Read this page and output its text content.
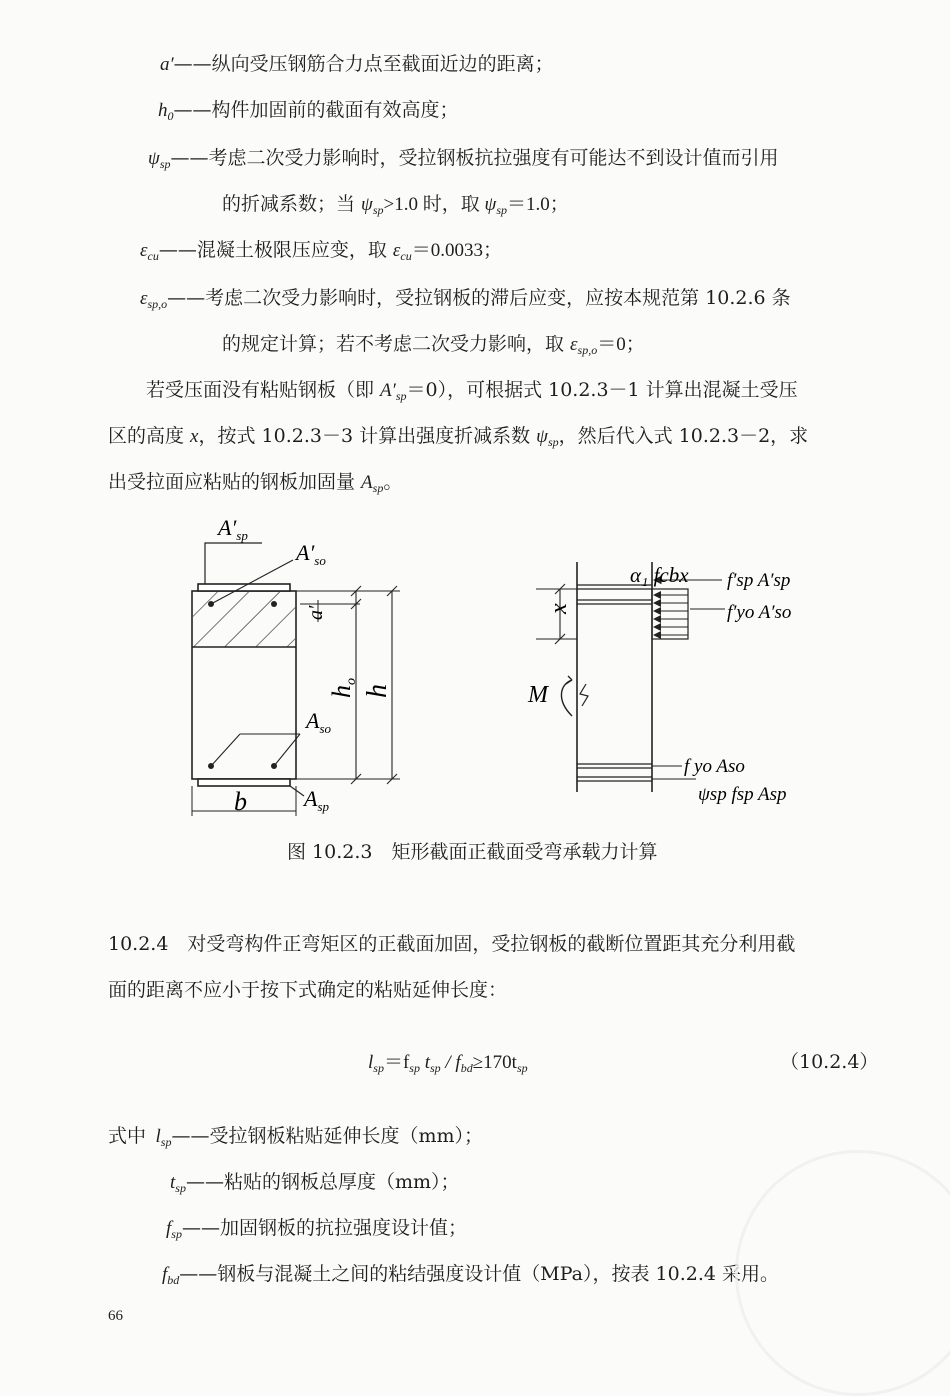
a′——纵向受压钢筋合力点至截面近边的距离；
$h_0——$构件加固前的截面有效高度；
$\psi_{sp}——$考虑二次受力影响时，受拉钢板抗拉强度有可能达不到设计值而引用
的折减系数；当 $\psi_{sp}>1.0$ 时，取 $\psi_{sp}=1.0$；
$\varepsilon_{cu}——$混凝土极限压应变，取 $\varepsilon_{cu}=0.0033$；
$\varepsilon_{sp,o}——$考虑二次受力影响时，受拉钢板的滞后应变，应按本规范第 10.2.6 条
的规定计算；若不考虑二次受力影响，取 $\varepsilon_{sp,o}=0$；
若受压面没有粘贴钢板（即 $A'_{sp}=0$），可根据式 10.2.3－1 计算出混凝土受压
区的高度 x，按式 10.2.3－3 计算出强度折减系数 $\psi_{sp}$，然后代入式 10.2.3－2，求
出受拉面应粘贴的钢板加固量 $A_{sp}$。
$A'_{sp}$
$A'_{so}$
a′
ho
h
$A_{so}$
b	$A_{sp}$
x
M
α₁ fcbx f′sp A′sp
f′yo A′so
f yo Aso
ψsp fsp Asp
图 10.2.3　矩形截面正截面受弯承载力计算
10.2.4　对受弯构件正弯矩区的正截面加固，受拉钢板的截断位置距其充分利用截
面的距离不应小于按下式确定的粘贴延伸长度：
$l_{sp}=f_{sp}$ $t_{sp} / f_{bd}\ge 170t_{sp}$	（10.2.4）
式中  $l_{sp}——$受拉钢板粘贴延伸长度（mm）；
$t_{sp}——$粘贴的钢板总厚度（mm）；
$f_{sp}——$加固钢板的抗拉强度设计值；
$f_{bd}——$钢板与混凝土之间的粘结强度设计值（MPa），按表 10.2.4 采用。
66
